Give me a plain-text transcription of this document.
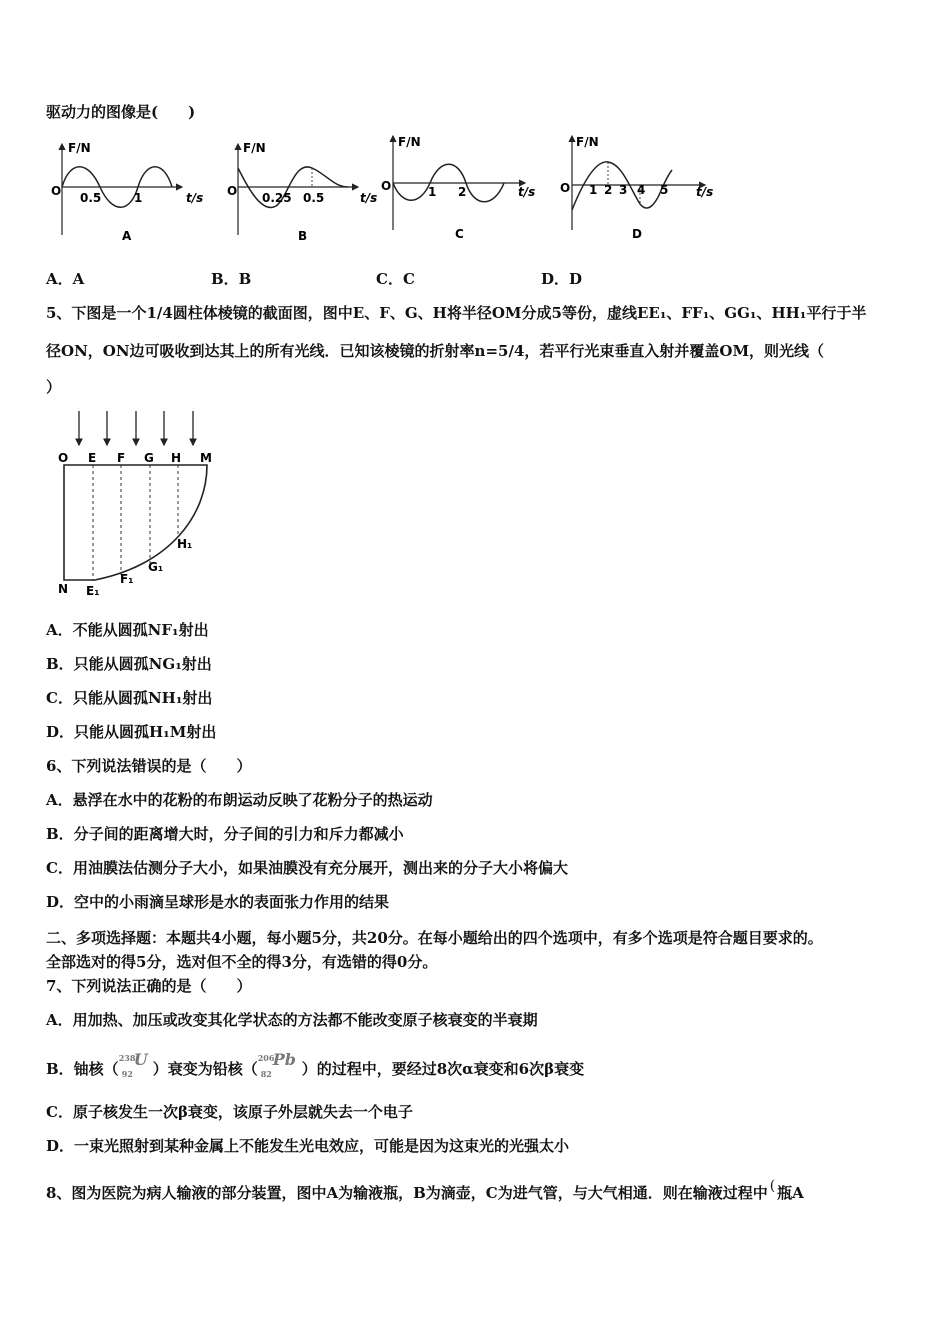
驱动力的图像是(　　)
F/N
O 0.5	1	t/s
A
F/N
O 0.25 0.5	t/s
B
F/N
O	1 2	t/s
C
F/N
O 1 2 3 4 5 t/s
D
A．A	B．B	C．C	D．D
5、下图是一个1/4圆柱体棱镜的截面图，图中E、F、G、H将半径OM分成5等份，虚线EE₁、FF₁、GG₁、HH₁平行于半
径ON，ON边可吸收到达其上的所有光线．已知该棱镜的折射率n=5/4，若平行光束垂直入射并覆盖OM，则光线（
）
O E F G H M
N E₁
F₁
G₁
H₁
A．不能从圆孤NF₁射出
B．只能从圆孤NG₁射出
C．只能从圆孤NH₁射出
D．只能从圆孤H₁M射出
6、下列说法错误的是（　　）
A．悬浮在水中的花粉的布朗运动反映了花粉分子的热运动
B．分子间的距离增大时，分子间的引力和斥力都减小
C．用油膜法估测分子大小，如果油膜没有充分展开，测出来的分子大小将偏大
D．空中的小雨滴呈球形是水的表面张力作用的结果
二、多项选择题：本题共4小题，每小题5分，共20分。在每小题给出的四个选项中，有多个选项是符合题目要求的。
全部选对的得5分，选对但不全的得3分，有选错的得0分。
7、下列说法正确的是（　　）
A．用加热、加压或改变其化学状态的方法都不能改变原子核衰变的半衰期
B．铀核（
238
92
U ）衰变为铅核（
206
82
Pb ）的过程中，要经过8次α衰变和6次β衰变
C．原子核发生一次β衰变，该原子外层就失去一个电子
D．一束光照射到某种金属上不能发生光电效应，可能是因为这束光的光强太小
8、图为医院为病人输液的部分装置，图中A为输液瓶，B为滴壶，C为进气管，与大气相通．则在输液过程中 ( 瓶A
